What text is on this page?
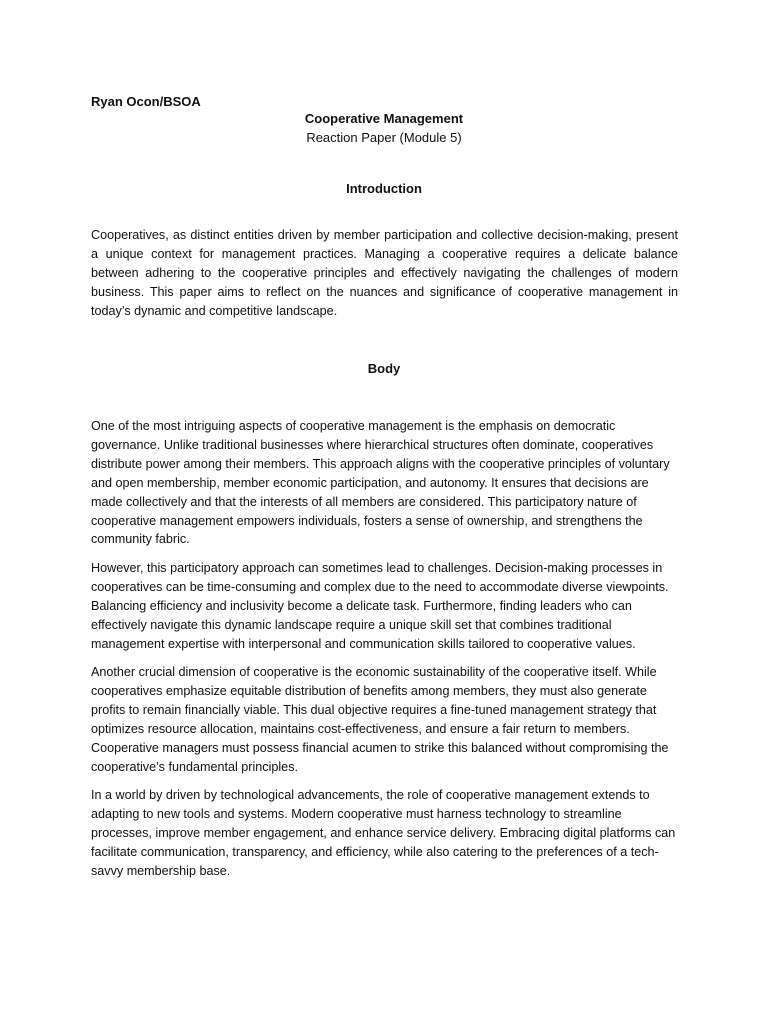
Ryan Ocon/BSOA
Cooperative Management
Reaction Paper (Module 5)
Introduction

Cooperatives, as distinct entities driven by member participation and collective decision-making, present a unique context for management practices. Managing a cooperative requires a delicate balance between adhering to the cooperative principles and effectively navigating the challenges of modern business. This paper aims to reflect on the nuances and significance of cooperative management in today’s dynamic and competitive landscape.

Body

One of the most intriguing aspects of cooperative management is the emphasis on democratic governance. Unlike traditional businesses where hierarchical structures often dominate, cooperatives distribute power among their members. This approach aligns with the cooperative principles of voluntary and open membership, member economic participation, and autonomy. It ensures that decisions are made collectively and that the interests of all members are considered. This participatory nature of cooperative management empowers individuals, fosters a sense of ownership, and strengthens the community fabric.

However, this participatory approach can sometimes lead to challenges. Decision-making processes in cooperatives can be time-consuming and complex due to the need to accommodate diverse viewpoints. Balancing efficiency and inclusivity become a delicate task. Furthermore, finding leaders who can effectively navigate this dynamic landscape require a unique skill set that combines traditional management expertise with interpersonal and communication skills tailored to cooperative values.

Another crucial dimension of cooperative is the economic sustainability of the cooperative itself. While cooperatives emphasize equitable distribution of benefits among members, they must also generate profits to remain financially viable. This dual objective requires a fine-tuned management strategy that optimizes resource allocation, maintains cost-effectiveness, and ensure a fair return to members. Cooperative managers must possess financial acumen to strike this balanced without compromising the cooperative’s fundamental principles.

In a world by driven by technological advancements, the role of cooperative management extends to adapting to new tools and systems. Modern cooperative must harness technology to streamline processes, improve member engagement, and enhance service delivery. Embracing digital platforms can facilitate communication, transparency, and efficiency, while also catering to the preferences of a tech-savvy membership base.
